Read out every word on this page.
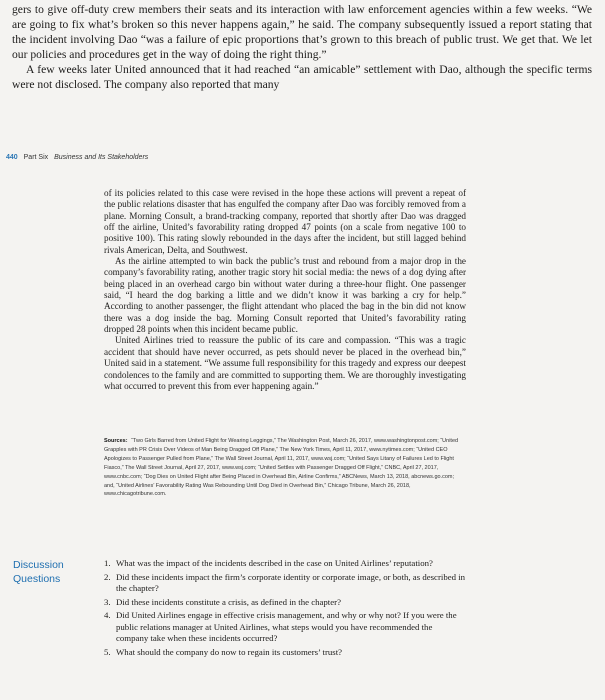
gers to give off-duty crew members their seats and its interaction with law enforcement agencies within a few weeks. “We are going to fix what’s broken so this never happens again,” he said. The company subsequently issued a report stating that the incident involving Dao “was a failure of epic proportions that’s grown to this breach of public trust. We get that. We let our policies and procedures get in the way of doing the right thing.”

A few weeks later United announced that it had reached “an amicable” settlement with Dao, although the specific terms were not disclosed. The company also reported that many

440 Part Six Business and Its Stakeholders

of its policies related to this case were revised in the hope these actions will prevent a repeat of the public relations disaster that has engulfed the company after Dao was forcibly removed from a plane. Morning Consult, a brand-tracking company, reported that shortly after Dao was dragged off the airline, United’s favorability rating dropped 47 points (on a scale from negative 100 to positive 100). This rating slowly rebounded in the days after the incident, but still lagged behind rivals American, Delta, and Southwest.

As the airline attempted to win back the public’s trust and rebound from a major drop in the company’s favorability rating, another tragic story hit social media: the news of a dog dying after being placed in an overhead cargo bin without water during a three-hour flight. One passenger said, “I heard the dog barking a little and we didn’t know it was barking a cry for help.” According to another passenger, the flight attendant who placed the bag in the bin did not know there was a dog inside the bag. Morning Consult reported that United’s favorability rating dropped 28 points when this incident became public.

United Airlines tried to reassure the public of its care and compassion. “This was a tragic accident that should have never occurred, as pets should never be placed in the overhead bin,” United said in a statement. “We assume full responsibility for this tragedy and express our deepest condolences to the family and are committed to supporting them. We are thoroughly investigating what occurred to prevent this from ever happening again.”

Sources: “Two Girls Barred from United Flight for Wearing Leggings,” The Washington Post, March 26, 2017, www.washingtonpost.com; “United Grapples with PR Crisis Over Videos of Man Being Dragged Off Plane,” The New York Times, April 11, 2017, www.nytimes.com; “United CEO Apologizes to Passenger Pulled from Plane,” The Wall Street Journal, April 11, 2017, www.wsj.com; “United Says Litany of Failures Led to Flight Fiasco,” The Wall Street Journal, April 27, 2017, www.wsj.com; “United Settles with Passenger Dragged Off Flight,” CNBC, April 27, 2017, www.cnbc.com; “Dog Dies on United Flight after Being Placed in Overhead Bin, Airline Confirms,” ABCNews, March 13, 2018, abcnews.go.com; and, “United Airlines’ Favorability Rating Was Rebounding Until Dog Died in Overhead Bin,” Chicago Tribune, March 26, 2018, www.chicagotribune.com.
Discussion Questions
1. What was the impact of the incidents described in the case on United Airlines’ reputation?
2. Did these incidents impact the firm’s corporate identity or corporate image, or both, as described in the chapter?
3. Did these incidents constitute a crisis, as defined in the chapter?
4. Did United Airlines engage in effective crisis management, and why or why not? If you were the public relations manager at United Airlines, what steps would you have recommended the company take when these incidents occurred?
5. What should the company do now to regain its customers’ trust?
